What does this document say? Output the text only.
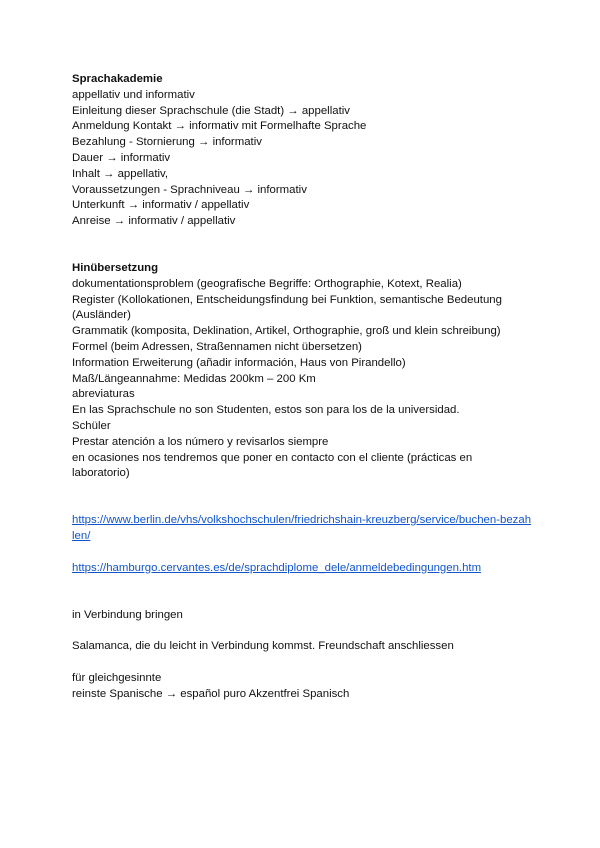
Sprachakademie
appellativ und informativ
Einleitung dieser Sprachschule (die Stadt) → appellativ
Anmeldung Kontakt → informativ mit Formelhafte Sprache
Bezahlung - Stornierung → informativ
Dauer → informativ
Inhalt → appellativ,
Voraussetzungen - Sprachniveau → informativ
Unterkunft → informativ / appellativ
Anreise → informativ / appellativ
Hinübersetzung
dokumentationsproblem (geografische Begriffe: Orthographie, Kotext, Realia)
Register (Kollokationen, Entscheidungsfindung bei Funktion, semantische Bedeutung (Ausländer)
Grammatik (komposita, Deklination, Artikel, Orthographie, groß und klein schreibung)
Formel (beim Adressen, Straßennamen nicht übersetzen)
Information Erweiterung (añadir información, Haus von Pirandello)
Maß/Längeannahme: Medidas 200km – 200 Km
abreviaturas
En las Sprachschule no son Studenten, estos son para los de la universidad.
Schüler
Prestar atención a los número y revisarlos siempre
en ocasiones nos tendremos que poner en contacto con el cliente (prácticas en laboratorio)
https://www.berlin.de/vhs/volkshochschulen/friedrichshain-kreuzberg/service/buchen-bezahlen/
https://hamburgo.cervantes.es/de/sprachdiplome_dele/anmeldebedingungen.htm
in Verbindung bringen
Salamanca, die du leicht in Verbindung kommst. Freundschaft anschliessen
für gleichgesinnte
reinste Spanische → español puro Akzentfrei Spanisch
